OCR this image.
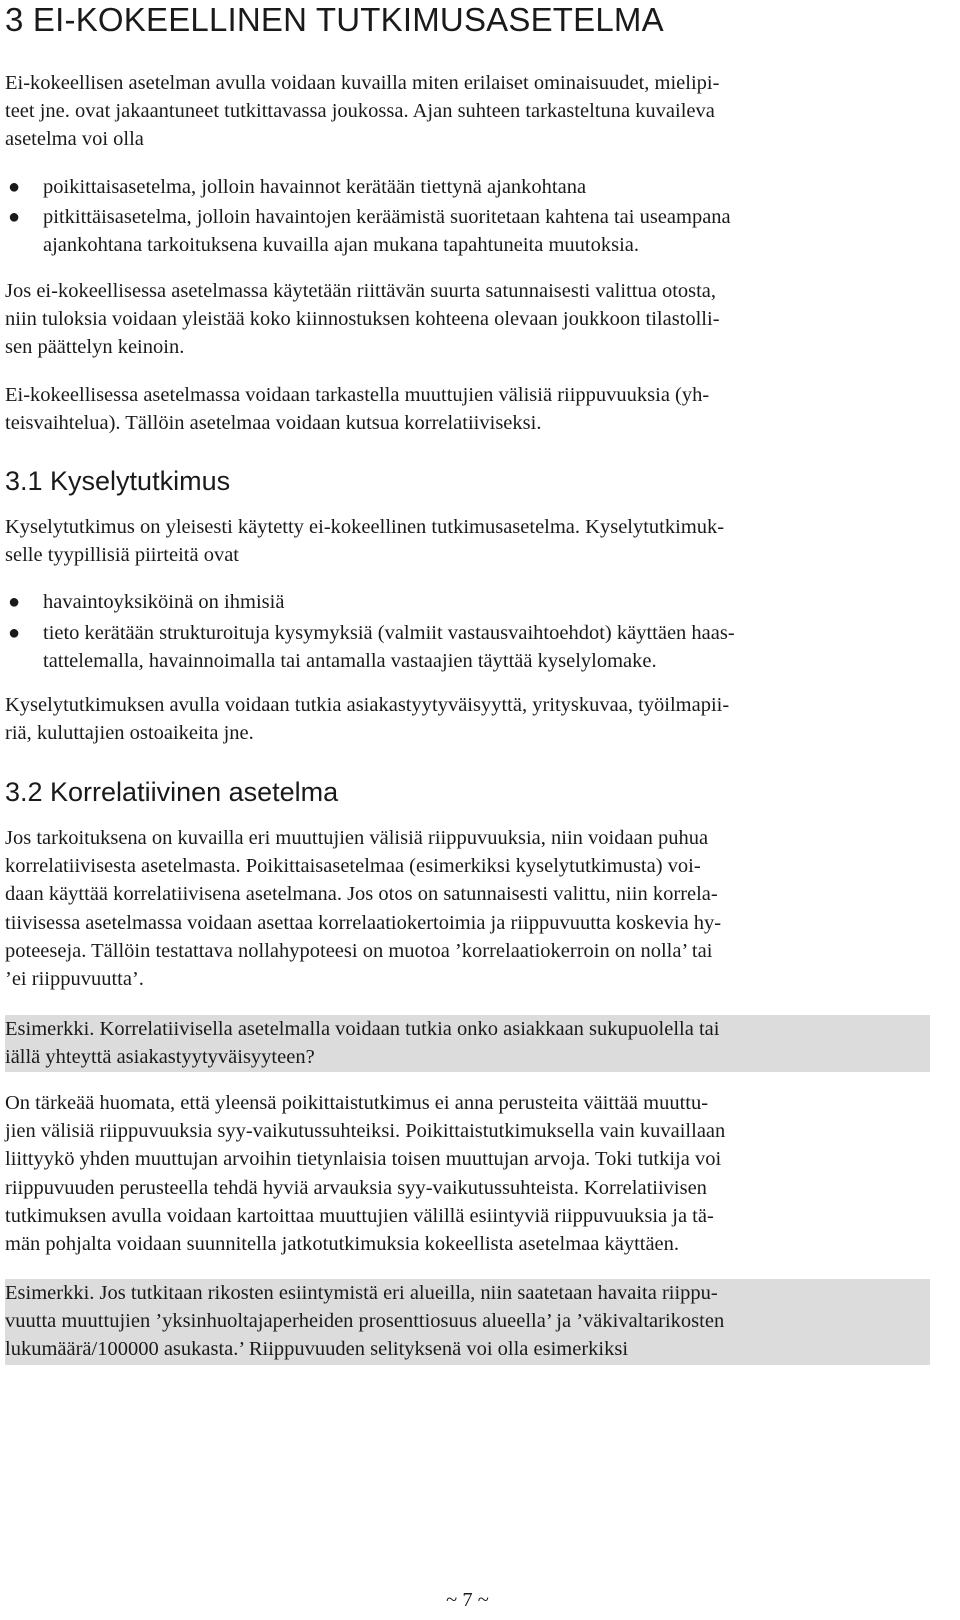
3 EI-KOKEELLINEN TUTKIMUSASETELMA
Ei-kokeellisen asetelman avulla voidaan kuvailla miten erilaiset ominaisuudet, mielipi-
teet jne. ovat jakaantuneet tutkittavassa joukossa. Ajan suhteen tarkasteltuna kuvaileva
asetelma voi olla
●	poikittaisasetelma, jolloin havainnot kerätään tiettynä ajankohtana
●	pitkittäisasetelma, jolloin havaintojen keräämistä suoritetaan kahtena tai useampana
ajankohtana tarkoituksena kuvailla ajan mukana tapahtuneita muutoksia.
Jos ei-kokeellisessa asetelmassa käytetään riittävän suurta satunnaisesti valittua otosta,
niin tuloksia voidaan yleistää koko kiinnostuksen kohteena olevaan joukkoon tilastolli-
sen päättelyn keinoin.
Ei-kokeellisessa asetelmassa voidaan tarkastella muuttujien välisiä riippuvuuksia (yh-
teisvaihtelua). Tällöin asetelmaa voidaan kutsua korrelatiiviseksi.
3.1 Kyselytutkimus
Kyselytutkimus on yleisesti käytetty ei-kokeellinen tutkimusasetelma. Kyselytutkimuk-
selle tyypillisiä piirteitä ovat
●	havaintoyksiköinä on ihmisiä
●	tieto kerätään strukturoituja kysymyksiä (valmiit vastausvaihtoehdot) käyttäen haas-
tattelemalla, havainnoimalla tai antamalla vastaajien täyttää kyselylomake.
Kyselytutkimuksen avulla voidaan tutkia asiakastyytyväisyyttä, yrityskuvaa, työilmapii-
riä, kuluttajien ostoaikeita jne.
3.2 Korrelatiivinen asetelma
Jos tarkoituksena on kuvailla eri muuttujien välisiä riippuvuuksia, niin voidaan puhua
korrelatiivisesta asetelmasta. Poikittaisasetelmaa (esimerkiksi kyselytutkimusta) voi-
daan käyttää korrelatiivisena asetelmana. Jos otos on satunnaisesti valittu, niin korrela-
tiivisessa asetelmassa voidaan asettaa korrelaatiokertoimia ja riippuvuutta koskevia hy-
poteeseja. Tällöin testattava nollahypoteesi on muotoa ’korrelaatiokerroin on nolla’ tai
’ei riippuvuutta’.
Esimerkki. Korrelatiivisella asetelmalla voidaan tutkia onko asiakkaan sukupuolella tai
iällä yhteyttä asiakastyytyväisyyteen?
On tärkeää huomata, että yleensä poikittaistutkimus ei anna perusteita väittää muuttu-
jien välisiä riippuvuuksia syy-vaikutussuhteiksi. Poikittaistutkimuksella vain kuvaillaan
liittyykö yhden muuttujan arvoihin tietynlaisia toisen muuttujan arvoja. Toki tutkija voi
riippuvuuden perusteella tehdä hyviä arvauksia syy-vaikutussuhteista. Korrelatiivisen
tutkimuksen avulla voidaan kartoittaa muuttujien välillä esiintyviä riippuvuuksia ja tä-
män pohjalta voidaan suunnitella jatkotutkimuksia kokeellista asetelmaa käyttäen.
Esimerkki. Jos tutkitaan rikosten esiintymistä eri alueilla, niin saatetaan havaita riippu-
vuutta muuttujien ’yksinhuoltajaperheiden prosenttiosuus alueella’ ja ’väkivaltarikosten
lukumäärä/100000 asukasta.’ Riippuvuuden selityksenä voi olla esimerkiksi
~ 7 ~
